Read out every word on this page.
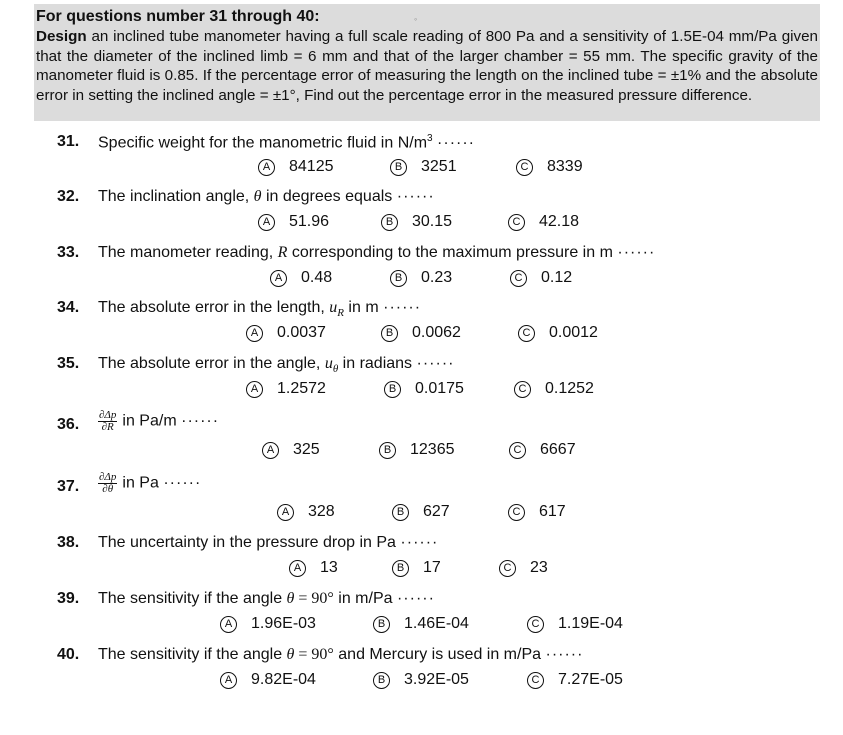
For questions number 31 through 40:
Design an inclined tube manometer having a full scale reading of 800 Pa and a sensitivity of 1.5E-04 mm/Pa given that the diameter of the inclined limb = 6 mm and that of the larger chamber = 55 mm. The specific gravity of the manometer fluid is 0.85. If the percentage error of measuring the length on the inclined tube = ±1% and the absolute error in setting the inclined angle = ±1°, Find out the percentage error in the measured pressure difference.
◦
31. Specific weight for the manometric fluid in $N/m^3$ ······
A	84125	B	3251	C 8339
32. The inclination angle, θ in degrees equals ······
A	51.96	B	30.15	C 42.18
33. The manometer reading, R corresponding to the maximum pressure in m ······
A	0.48	B	0.23	C 0.12
34. The absolute error in the length, $u_R$ in m ······
A	0.0037	B	0.0062	C 0.0012
35. The absolute error in the angle, $u_\theta$ in radians ······
A	1.2572	B	0.0175	C 0.1252
36. $\frac{\partial\Delta p}{\partial R}$ in Pa/m ······
A	325	B	12365	C 6667
37. $\frac{\partial\Delta p}{\partial\theta}$ in Pa ······
A	328	B	627	C 617
38. The uncertainty in the pressure drop in Pa ······
A	13	B	17	C 23
39. The sensitivity if the angle θ = 90° in m/Pa ······
A	1.96E-03	B	1.46E-04	C 1.19E-04
40. The sensitivity if the angle θ = 90° and Mercury is used in m/Pa ······
A	9.82E-04	B	3.92E-05	C 7.27E-05
